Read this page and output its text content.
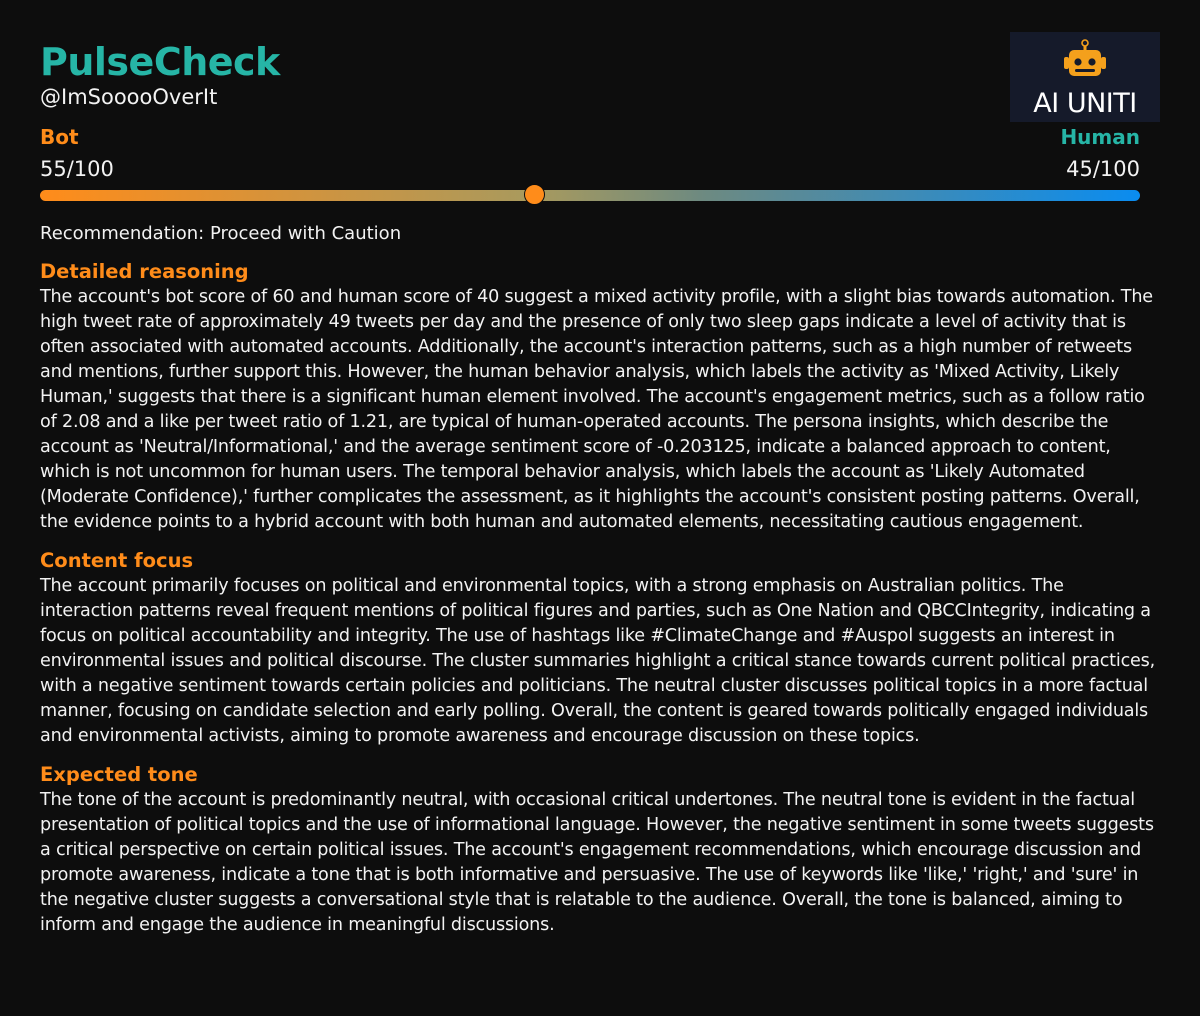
PulseCheck
@ImSooooOverIt	AI UNITI
Bot	Human
55/100	45/100
Recommendation: Proceed with Caution
Detailed reasoning

The account's bot score of 60 and human score of 40 suggest a mixed activity profile, with a slight bias towards automation. The high tweet rate of approximately 49 tweets per day and the presence of only two sleep gaps indicate a level of activity that is often associated with automated accounts. Additionally, the account's interaction patterns, such as a high number of retweets and mentions, further support this. However, the human behavior analysis, which labels the activity as 'Mixed Activity, Likely Human,' suggests that there is a significant human element involved. The account's engagement metrics, such as a follow ratio of 2.08 and a like per tweet ratio of 1.21, are typical of human-operated accounts. The persona insights, which describe the account as 'Neutral/Informational,' and the average sentiment score of -0.203125, indicate a balanced approach to content, which is not uncommon for human users. The temporal behavior analysis, which labels the account as 'Likely Automated (Moderate Confidence),' further complicates the assessment, as it highlights the account's consistent posting patterns. Overall, the evidence points to a hybrid account with both human and automated elements, necessitating cautious engagement.

Content focus

The account primarily focuses on political and environmental topics, with a strong emphasis on Australian politics. The interaction patterns reveal frequent mentions of political figures and parties, such as One Nation and QBCCIntegrity, indicating a focus on political accountability and integrity. The use of hashtags like #ClimateChange and #Auspol suggests an interest in environmental issues and political discourse. The cluster summaries highlight a critical stance towards current political practices, with a negative sentiment towards certain policies and politicians. The neutral cluster discusses political topics in a more factual manner, focusing on candidate selection and early polling. Overall, the content is geared towards politically engaged individuals and environmental activists, aiming to promote awareness and encourage discussion on these topics.

Expected tone

The tone of the account is predominantly neutral, with occasional critical undertones. The neutral tone is evident in the factual presentation of political topics and the use of informational language. However, the negative sentiment in some tweets suggests a critical perspective on certain political issues. The account's engagement recommendations, which encourage discussion and promote awareness, indicate a tone that is both informative and persuasive. The use of keywords like 'like,' 'right,' and 'sure' in the negative cluster suggests a conversational style that is relatable to the audience. Overall, the tone is balanced, aiming to inform and engage the audience in meaningful discussions.
